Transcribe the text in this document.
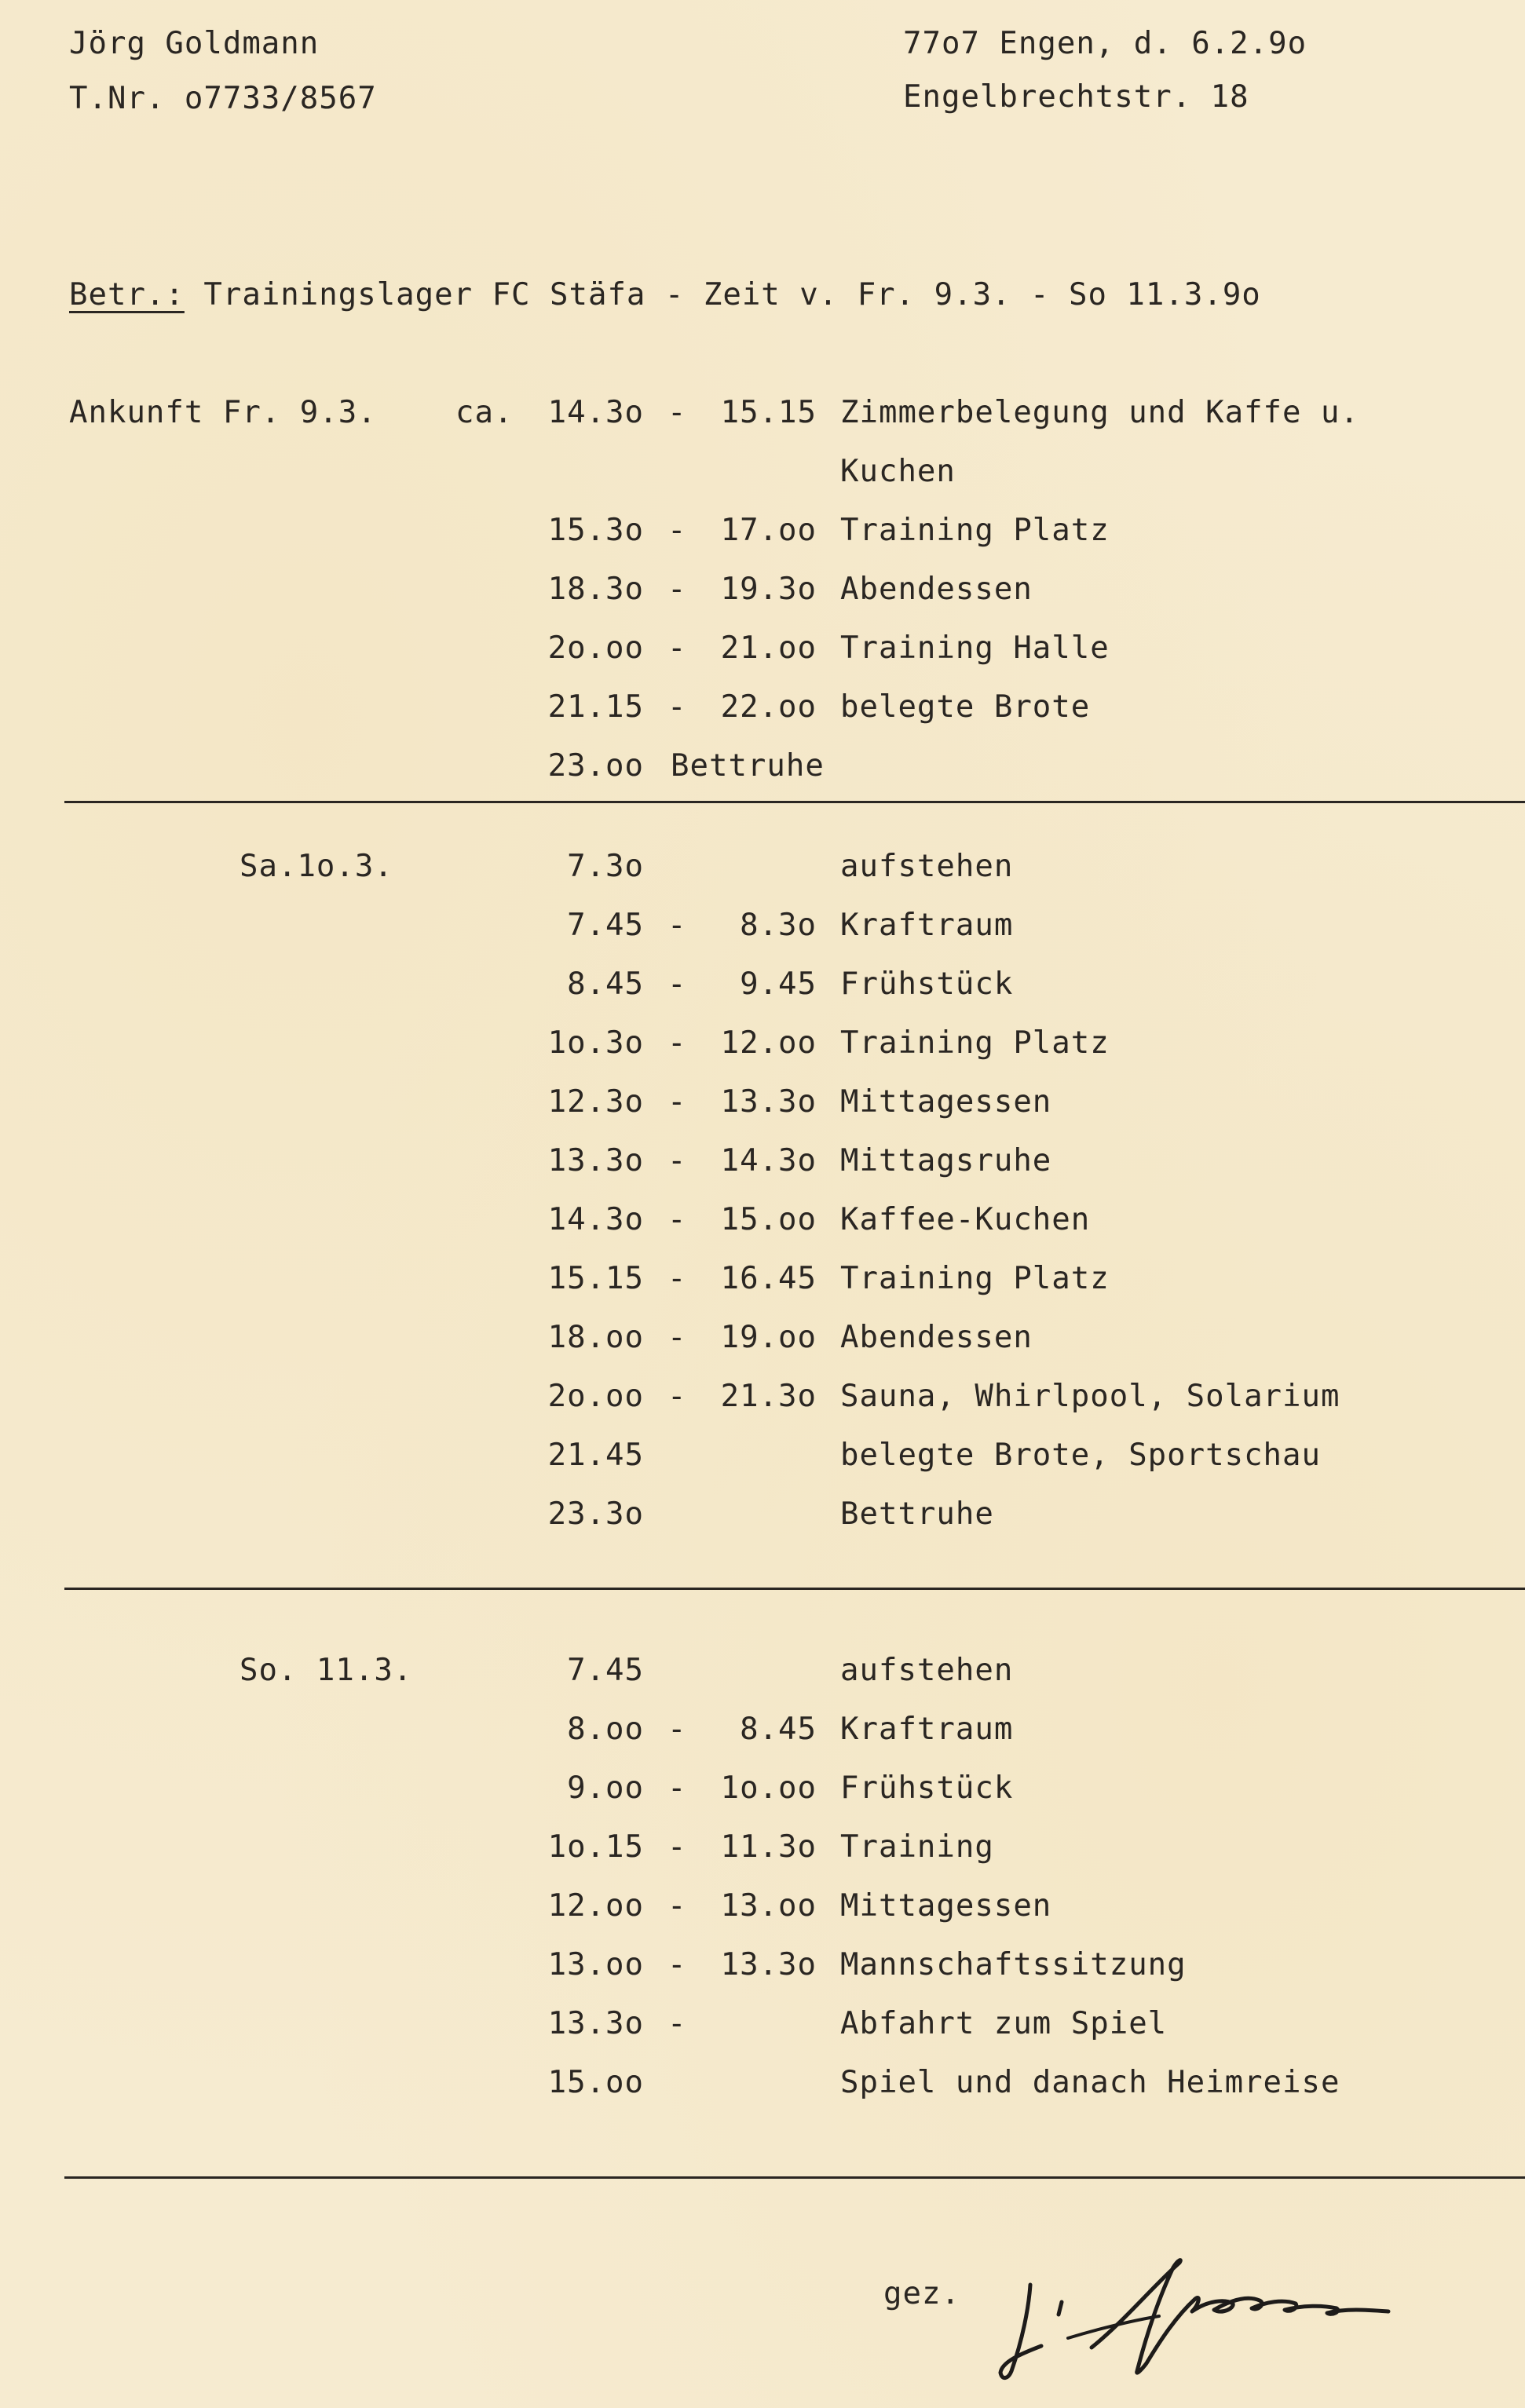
Jörg Goldmann
T.Nr. o7733/8567
77o7 Engen, d. 6.2.9o
Engelbrechtstr. 18
Betr.: Trainingslager FC Stäfa - Zeit v. Fr. 9.3. - So 11.3.9o
Ankunft Fr. 9.3.	ca.	14.3o -	15.15 Zimmerbelegung und Kaffe u.
Kuchen
15.3o -	17.oo Training Platz
18.3o -	19.3o Abendessen
2o.oo -	21.oo Training Halle
21.15 -	22.oo belegte Brote
23.oo Bettruhe
Sa.1o.3.	7.3o	aufstehen
7.45 -	8.3o Kraftraum
8.45 -	9.45 Frühstück
1o.3o -	12.oo Training Platz
12.3o -	13.3o Mittagessen
13.3o -	14.3o Mittagsruhe
14.3o -	15.oo Kaffee-Kuchen
15.15 -	16.45 Training Platz
18.oo -	19.oo Abendessen
2o.oo -	21.3o Sauna, Whirlpool, Solarium
21.45	belegte Brote, Sportschau
23.3o	Bettruhe
So. 11.3.	7.45	aufstehen
8.oo -	8.45 Kraftraum
9.oo -	1o.oo Frühstück
1o.15 -	11.3o Training
12.oo -	13.oo Mittagessen
13.oo -	13.3o Mannschaftssitzung
13.3o -	Abfahrt zum Spiel
15.oo	Spiel und danach Heimreise
gez.
